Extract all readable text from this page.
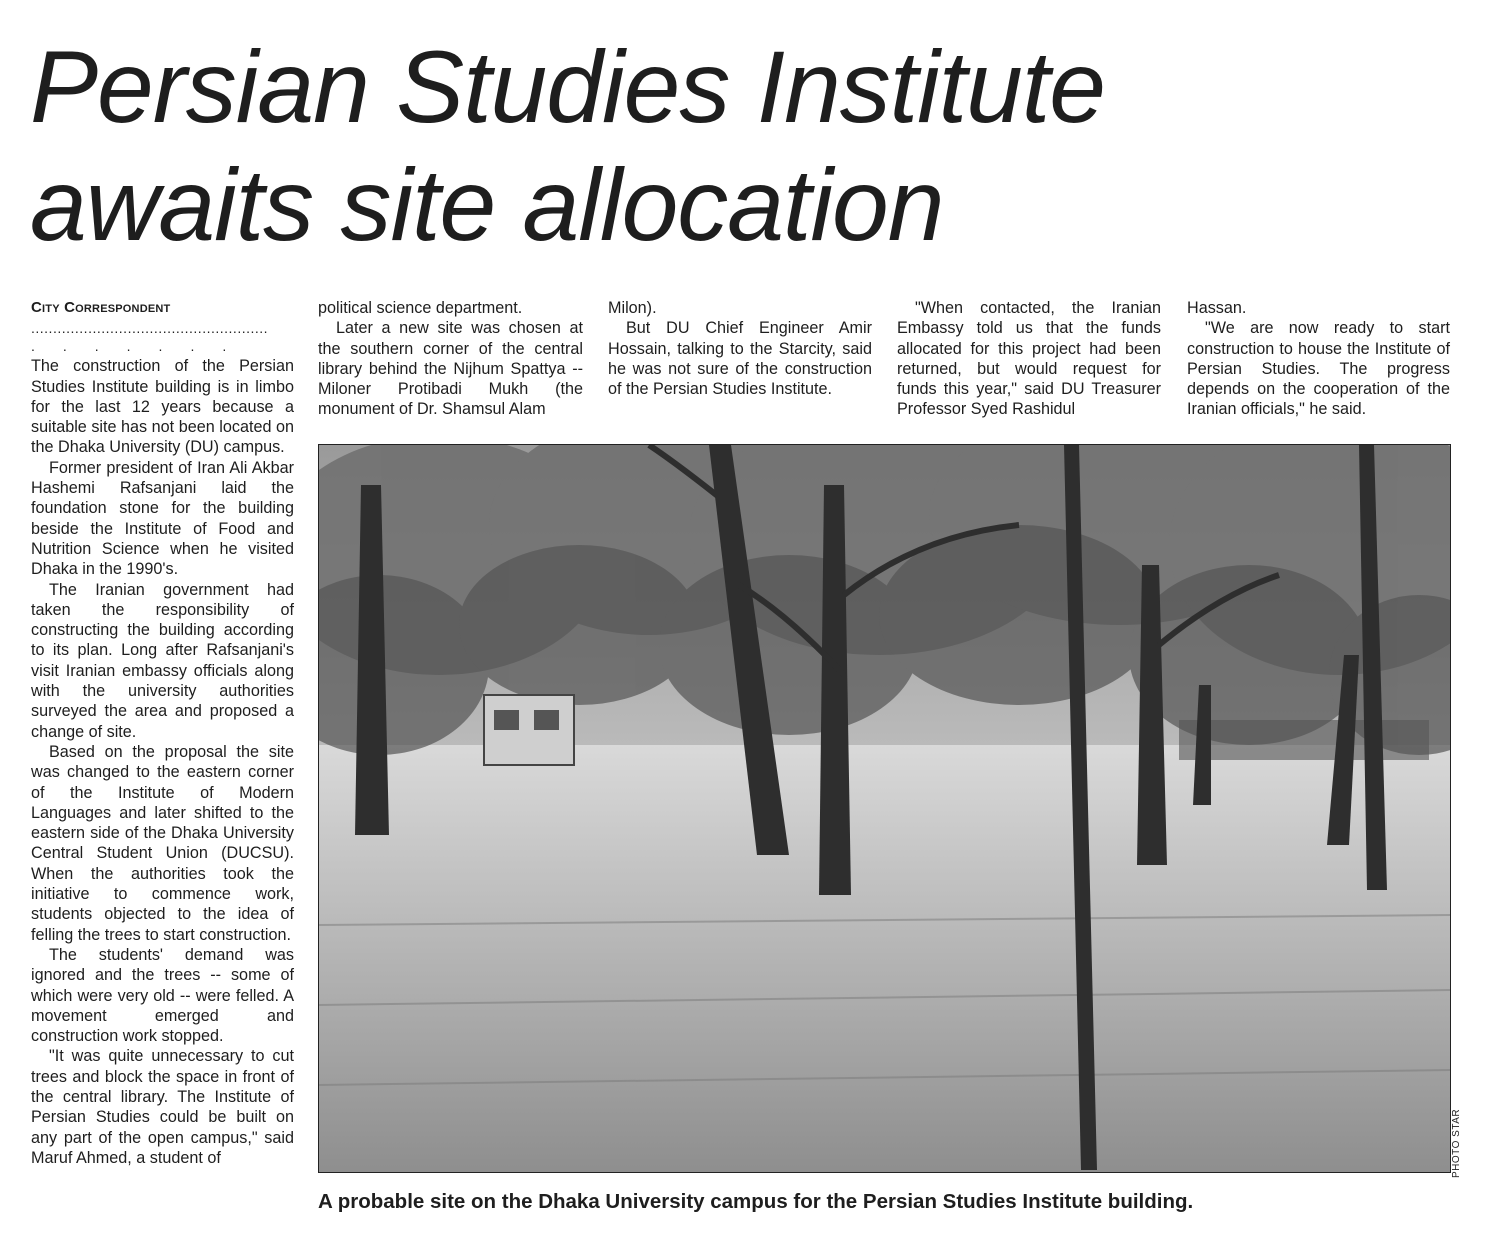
Persian Studies Institute
awaits site allocation
City Correspondent
......................................................
.......

The construction of the Persian Studies Institute building is in limbo for the last 12 years because a suitable site has not been located on the Dhaka University (DU) campus.

Former president of Iran Ali Akbar Hashemi Rafsanjani laid the foundation stone for the building beside the Institute of Food and Nutrition Science when he visited Dhaka in the 1990's.

The Iranian government had taken the responsibility of constructing the building according to its plan. Long after Rafsanjani's visit Iranian embassy officials along with the university authorities surveyed the area and proposed a change of site.

Based on the proposal the site was changed to the eastern corner of the Institute of Modern Languages and later shifted to the eastern side of the Dhaka University Central Student Union (DUCSU). When the authorities took the initiative to commence work, students objected to the idea of felling the trees to start construction.

The students' demand was ignored and the trees -- some of which were very old -- were felled. A movement emerged and construction work stopped.

"It was quite unnecessary to cut trees and block the space in front of the central library. The Institute of Persian Studies could be built on any part of the open campus," said Maruf Ahmed, a student of

political science department.

Later a new site was chosen at the southern corner of the central library behind the Nijhum Spattya -- Miloner Protibadi Mukh (the monument of Dr. Shamsul Alam

Milon).

But DU Chief Engineer Amir Hossain, talking to the Starcity, said he was not sure of the construction of the Persian Studies Institute.

"When contacted, the Iranian Embassy told us that the funds allocated for this project had been returned, but would request for funds this year," said DU Treasurer Professor Syed Rashidul

Hassan.

"We are now ready to start construction to house the Institute of Persian Studies. The progress depends on the cooperation of the Iranian officials," he said.

PHOTO STAR
A probable site on the Dhaka University campus for the Persian Studies Institute building.
